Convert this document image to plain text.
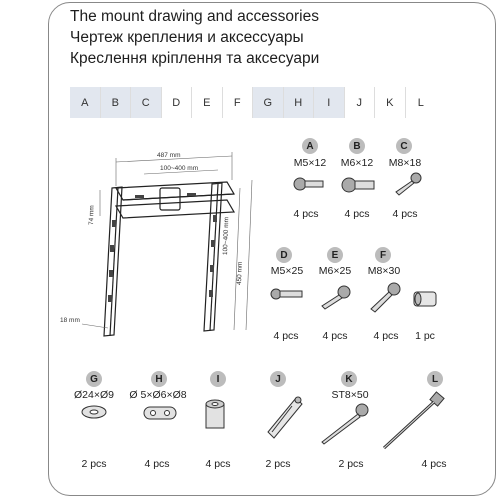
The mount drawing and accessories
Чертеж крепления и аксессуары
Креслення кріплення та аксесуари
A	B	C	D	E	F	G	H	I	J	K	L
487 mm
100~400 mm
100~400 mm
450 mm
74 mm
18 mm
A
M5×12
4 pcs
B
M6×12
4 pcs
C
M8×18
4 pcs
D
M5×25
4 pcs
E
M6×25
4 pcs
F
M8×30
4 pcs 1 pc
G
Ø24×Ø9
2 pcs
H
Ø 5×Ø6×Ø8
4 pcs
I
4 pcs
J
2 pcs
K
ST8×50
2 pcs
L
4 pcs
